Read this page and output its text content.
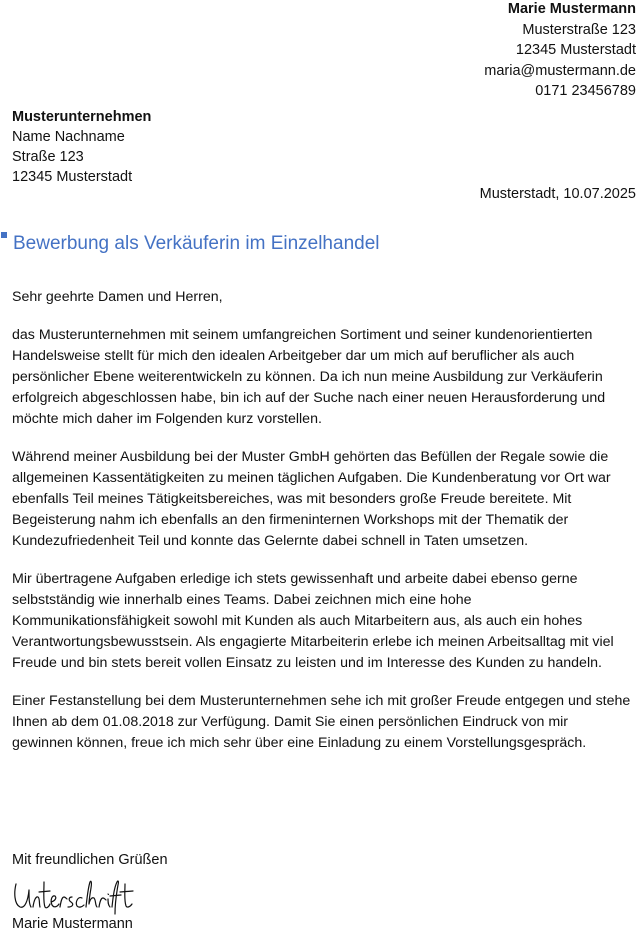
Marie Mustermann
Musterstraße 123
12345 Musterstadt
maria@mustermann.de
0171 23456789
Musterunternehmen
Name Nachname
Straße 123
12345 Musterstadt
Musterstadt, 10.07.2025
Bewerbung als Verkäuferin im Einzelhandel

Sehr geehrte Damen und Herren,

das Musterunternehmen mit seinem umfangreichen Sortiment und seiner kundenorientierten Handelsweise stellt für mich den idealen Arbeitgeber dar um mich auf beruflicher als auch persönlicher Ebene weiterentwickeln zu können. Da ich nun meine Ausbildung zur Verkäuferin erfolgreich abgeschlossen habe, bin ich auf der Suche nach einer neuen Herausforderung und möchte mich daher im Folgenden kurz vorstellen.

Während meiner Ausbildung bei der Muster GmbH gehörten das Befüllen der Regale sowie die allgemeinen Kassentätigkeiten zu meinen täglichen Aufgaben. Die Kundenberatung vor Ort war ebenfalls Teil meines Tätigkeitsbereiches, was mit besonders große Freude bereitete. Mit Begeisterung nahm ich ebenfalls an den firmeninternen Workshops mit der Thematik der Kundezufriedenheit Teil und konnte das Gelernte dabei schnell in Taten umsetzen.

Mir übertragene Aufgaben erledige ich stets gewissenhaft und arbeite dabei ebenso gerne selbstständig wie innerhalb eines Teams. Dabei zeichnen mich eine hohe Kommunikationsfähigkeit sowohl mit Kunden als auch Mitarbeitern aus, als auch ein hohes Verantwortungsbewusstsein. Als engagierte Mitarbeiterin erlebe ich meinen Arbeitsalltag mit viel Freude und bin stets bereit vollen Einsatz zu leisten und im Interesse des Kunden zu handeln.

Einer Festanstellung bei dem Musterunternehmen sehe ich mit großer Freude entgegen und stehe Ihnen ab dem 01.08.2018 zur Verfügung. Damit Sie einen persönlichen Eindruck von mir gewinnen können, freue ich mich sehr über eine Einladung zu einem Vorstellungsgespräch.

Mit freundlichen Grüßen
Marie Mustermann
